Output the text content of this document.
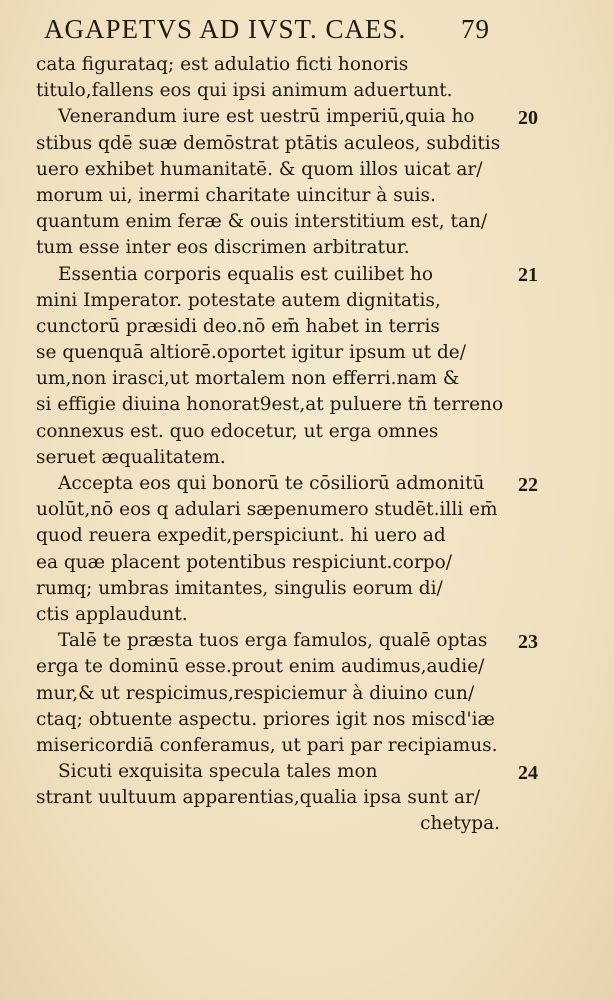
AGAPETVS AD IVST. CAES. 79
cata figurataq; est adulatio ficti honoris
titulo,fallens eos qui ipsi animum aduertunt.
Venerandum iure est uestrū imperiū,quia ho
stibus qdē suæ demōstrat ptātis aculeos, subditis
uero exhibet humanitatē. & quom illos uicat ar/
morum ui, inermi charitate uincitur à suis.
quantum enim feræ & ouis interstitium est, tan/
tum esse inter eos discrimen arbitratur.
Essentia corporis equalis est cuilibet ho
mini Imperator. potestate autem dignitatis,
cunctorū præsidi deo.nō em̄ habet in terris
se quenquā altiorē.oportet igitur ipsum ut de/
um,non irasci,ut mortalem non efferri.nam &
si effigie diuina honorat9est,at puluere tn̄ terreno
connexus est. quo edocetur, ut erga omnes
seruet æqualitatem.
Accepta eos qui bonorū te cōsiliorū admonitū
uolūt,nō eos q adulari sæpenumero studēt.illi em̄
quod reuera expedit,perspiciunt. hi uero ad
ea quæ placent potentibus respiciunt.corpo/
rumq; umbras imitantes, singulis eorum di/
ctis applaudunt.
Talē te præsta tuos erga famulos, qualē optas
erga te dominū esse.prout enim audimus,audie/
mur,& ut respicimus,respiciemur à diuino cun/
ctaq; obtuente aspectu. priores igit nos miscd'iæ
misericordiā conferamus, ut pari par recipiamus.
Sicuti exquisita specula tales mon
strant uultuum apparentias,qualia ipsa sunt ar/
chetypa.
20
21
22
23
24
